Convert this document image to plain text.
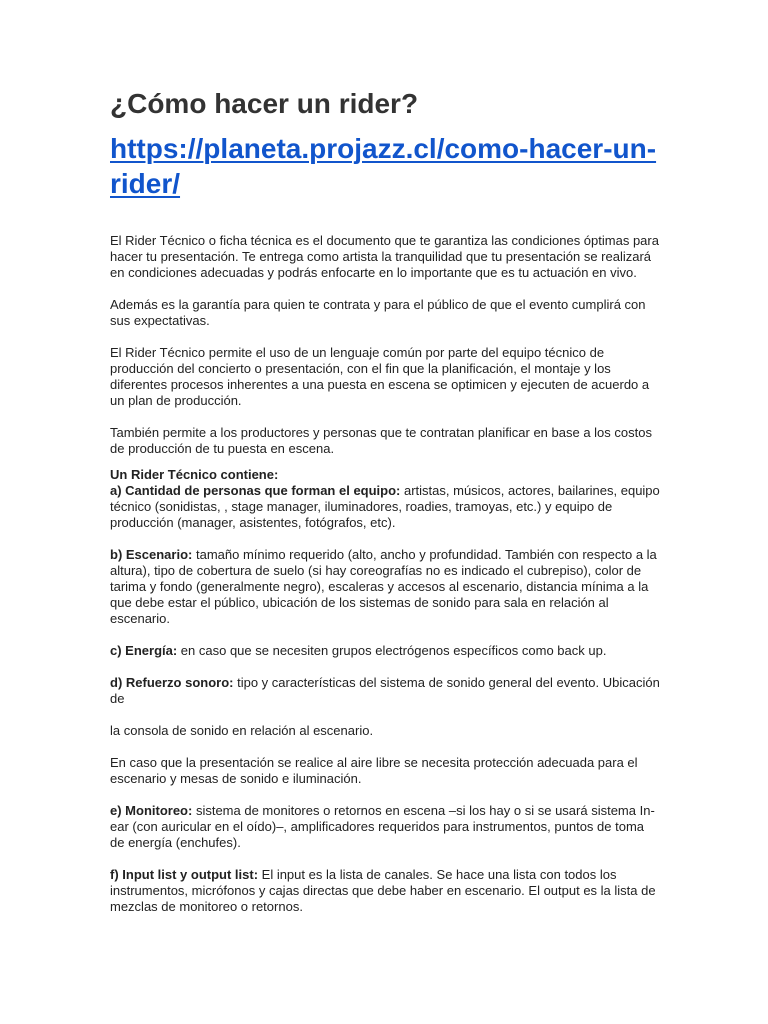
¿Cómo hacer un rider?
https://planeta.projazz.cl/como-hacer-un-rider/

El Rider Técnico o ficha técnica es el documento que te garantiza las condiciones óptimas para hacer tu presentación. Te entrega como artista la tranquilidad que tu presentación se realizará en condiciones adecuadas y podrás enfocarte en lo importante que es tu actuación en vivo.

Además es la garantía para quien te contrata y para el público de que el evento cumplirá con sus expectativas.

El Rider Técnico permite el uso de un lenguaje común por parte del equipo técnico de producción del concierto o presentación, con el fin que la planificación, el montaje y los diferentes procesos inherentes a una puesta en escena se optimicen y ejecuten de acuerdo a un plan de producción.

También permite a los productores y personas que te contratan planificar en base a los costos de producción de tu puesta en escena.

Un Rider Técnico contiene:

a) Cantidad de personas que forman el equipo: artistas, músicos, actores, bailarines, equipo técnico (sonidistas, , stage manager, iluminadores, roadies, tramoyas, etc.) y equipo de producción (manager, asistentes, fotógrafos, etc).

b) Escenario: tamaño mínimo requerido (alto, ancho y profundidad. También con respecto a la altura), tipo de cobertura de suelo (si hay coreografías no es indicado el cubrepiso), color de tarima y fondo (generalmente negro), escaleras y accesos al escenario, distancia mínima a la que debe estar el público, ubicación de los sistemas de sonido para sala en relación al escenario.

c) Energía: en caso que se necesiten grupos electrógenos específicos como back up.

d) Refuerzo sonoro: tipo y características del sistema de sonido general del evento. Ubicación de

la consola de sonido en relación al escenario.

En caso que la presentación se realice al aire libre se necesita protección adecuada para el escenario y mesas de sonido e iluminación.

e) Monitoreo: sistema de monitores o retornos en escena –si los hay o si se usará sistema In-ear (con auricular en el oído)–, amplificadores requeridos para instrumentos, puntos de toma de energía (enchufes).

f) Input list y output list: El input es la lista de canales. Se hace una lista con todos los instrumentos, micrófonos y cajas directas que debe haber en escenario. El output es la lista de mezclas de monitoreo o retornos.
